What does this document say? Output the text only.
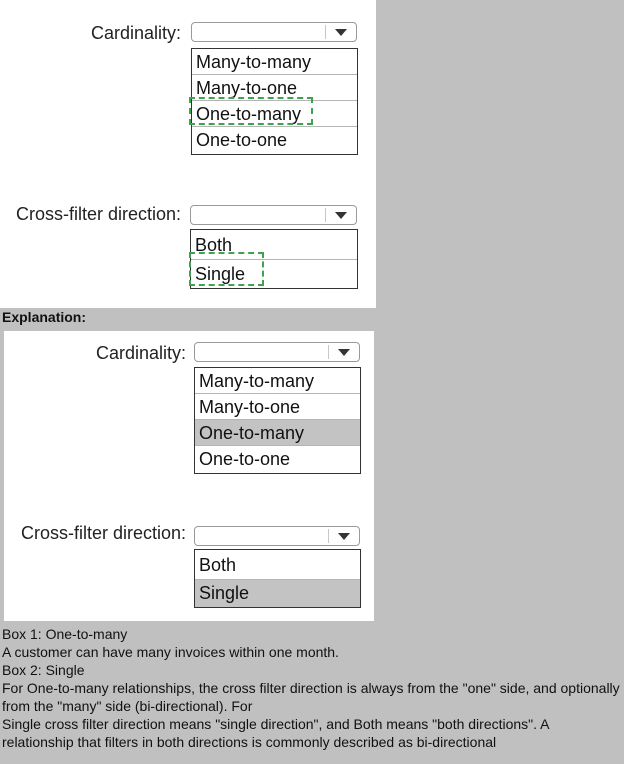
Cardinality:
Many-to-many
Many-to-one
One-to-many
One-to-one
Cross-filter direction:
Both
Single
Explanation:
Cardinality:
Many-to-many
Many-to-one
One-to-many
One-to-one
Cross-filter direction:
Both
Single

Box 1: One-to-many

A customer can have many invoices within one month.

Box 2: Single

For One-to-many relationships, the cross filter direction is always from the "one" side, and optionally from the "many" side (bi-directional). For

Single cross filter direction means "single direction", and Both means "both directions". A relationship that filters in both directions is commonly described as bi-directional
